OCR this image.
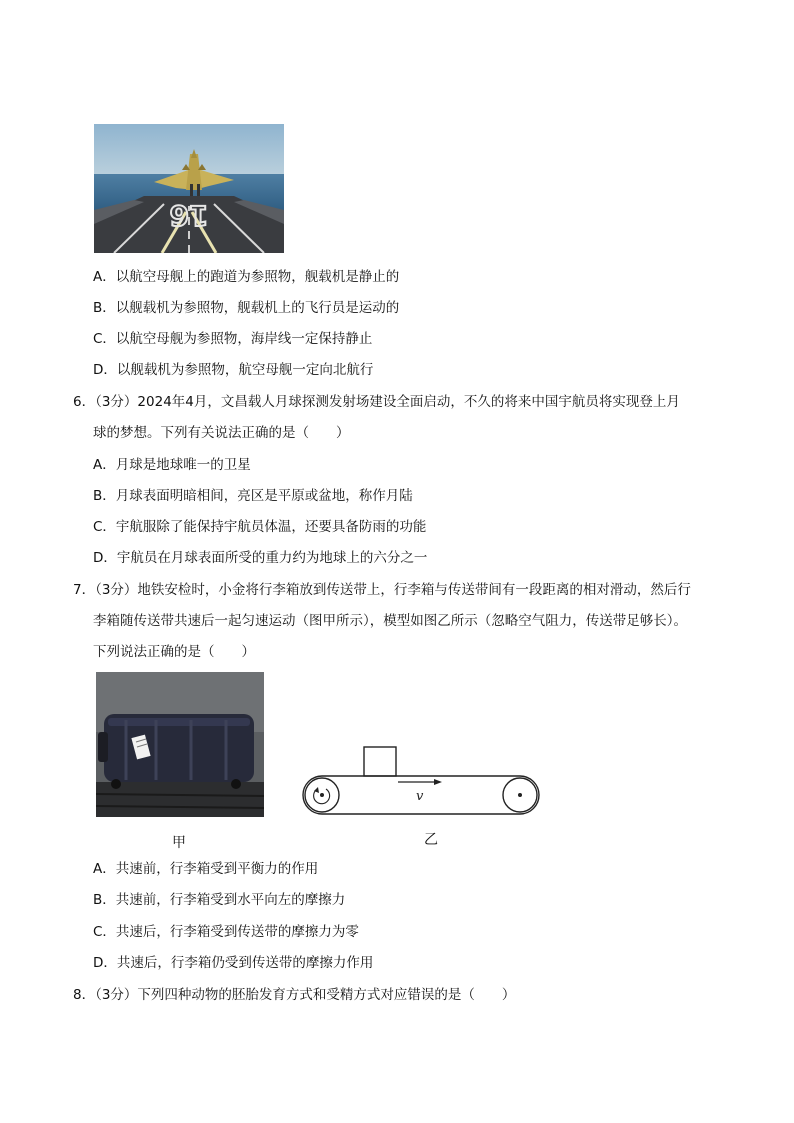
16
A．以航空母舰上的跑道为参照物，舰载机是静止的
B．以舰载机为参照物，舰载机上的飞行员是运动的
C．以航空母舰为参照物，海岸线一定保持静止
D．以舰载机为参照物，航空母舰一定向北航行
6．（3分）2024年4月，文昌载人月球探测发射场建设全面启动，不久的将来中国宇航员将实现登上月
球的梦想。下列有关说法正确的是（　　）
A．月球是地球唯一的卫星
B．月球表面明暗相间，亮区是平原或盆地，称作月陆
C．宇航服除了能保持宇航员体温，还要具备防雨的功能
D．宇航员在月球表面所受的重力约为地球上的六分之一
7．（3分）地铁安检时，小金将行李箱放到传送带上，行李箱与传送带间有一段距离的相对滑动，然后行
李箱随传送带共速后一起匀速运动（图甲所示），模型如图乙所示（忽略空气阻力，传送带足够长）。
下列说法正确的是（　　）
甲
v
乙
A．共速前，行李箱受到平衡力的作用
B．共速前，行李箱受到水平向左的摩擦力
C．共速后，行李箱受到传送带的摩擦力为零
D．共速后，行李箱仍受到传送带的摩擦力作用
8．（3分）下列四种动物的胚胎发育方式和受精方式对应错误的是（　　）
